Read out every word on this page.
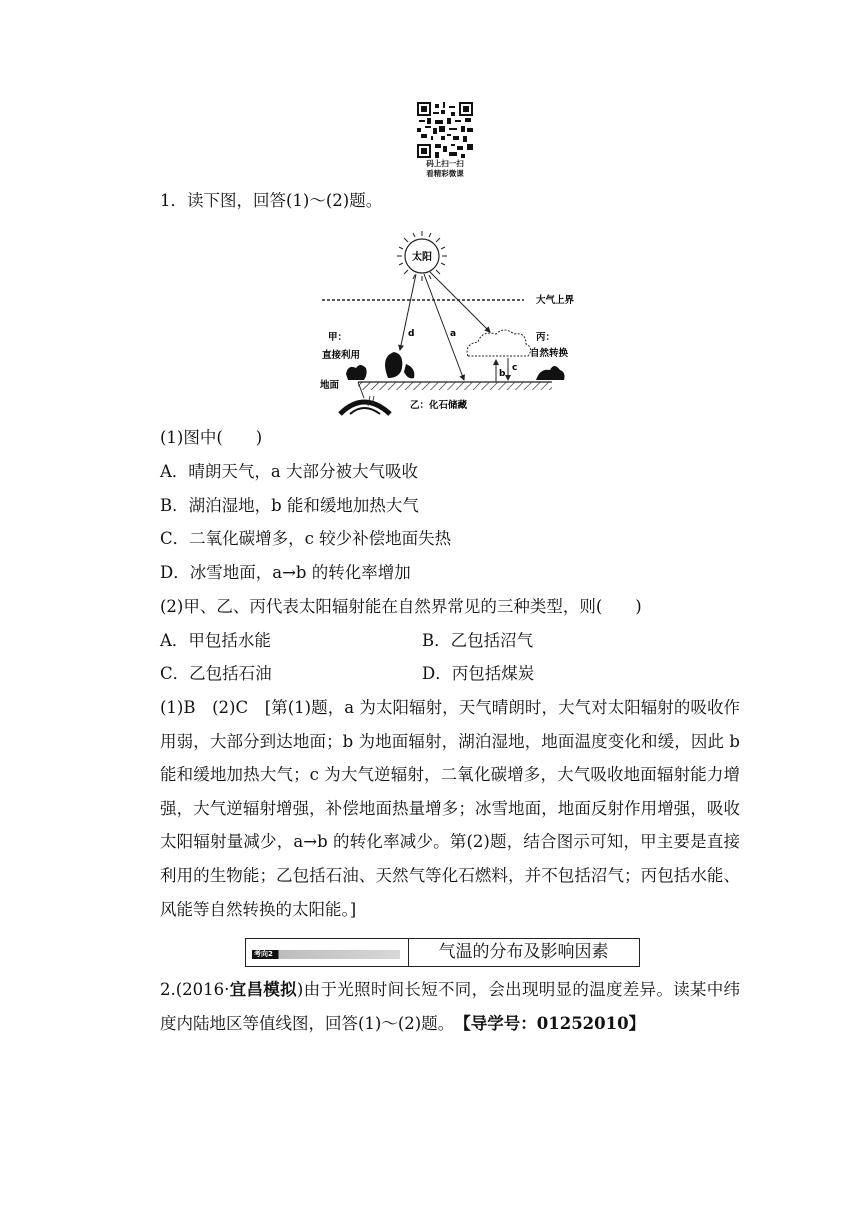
码上扫一扫
看精彩微课
1．读下图，回答(1)～(2)题。
太阳
大气上界
d	a
b
c
甲：
直接利用
丙：
自然转换
地面
乙：化石储藏
(1)图中(　　)
A．晴朗天气，a 大部分被大气吸收
B．湖泊湿地，b 能和缓地加热大气
C．二氧化碳增多，c 较少补偿地面失热
D．冰雪地面，a→b 的转化率增加
(2)甲、乙、丙代表太阳辐射能在自然界常见的三种类型，则(　　)
A．甲包括水能	B．乙包括沼气
C．乙包括石油	D．丙包括煤炭
(1)B　(2)C　[第(1)题，a 为太阳辐射，天气晴朗时，大气对太阳辐射的吸收作用弱，大部分到达地面；b 为地面辐射，湖泊湿地，地面温度变化和缓，因此 b 能和缓地加热大气；c 为大气逆辐射，二氧化碳增多，大气吸收地面辐射能力增强，大气逆辐射增强，补偿地面热量增多；冰雪地面，地面反射作用增强，吸收太阳辐射量减少，a→b 的转化率减少。第(2)题，结合图示可知，甲主要是直接利用的生物能；乙包括石油、天然气等化石燃料，并不包括沼气；丙包括水能、风能等自然转换的太阳能。]
考向2	气温的分布及影响因素
2.(2016·宜昌模拟)由于光照时间长短不同，会出现明显的温度差异。读某中纬度内陆地区等值线图，回答(1)～(2)题。　【导学号：01252010】
